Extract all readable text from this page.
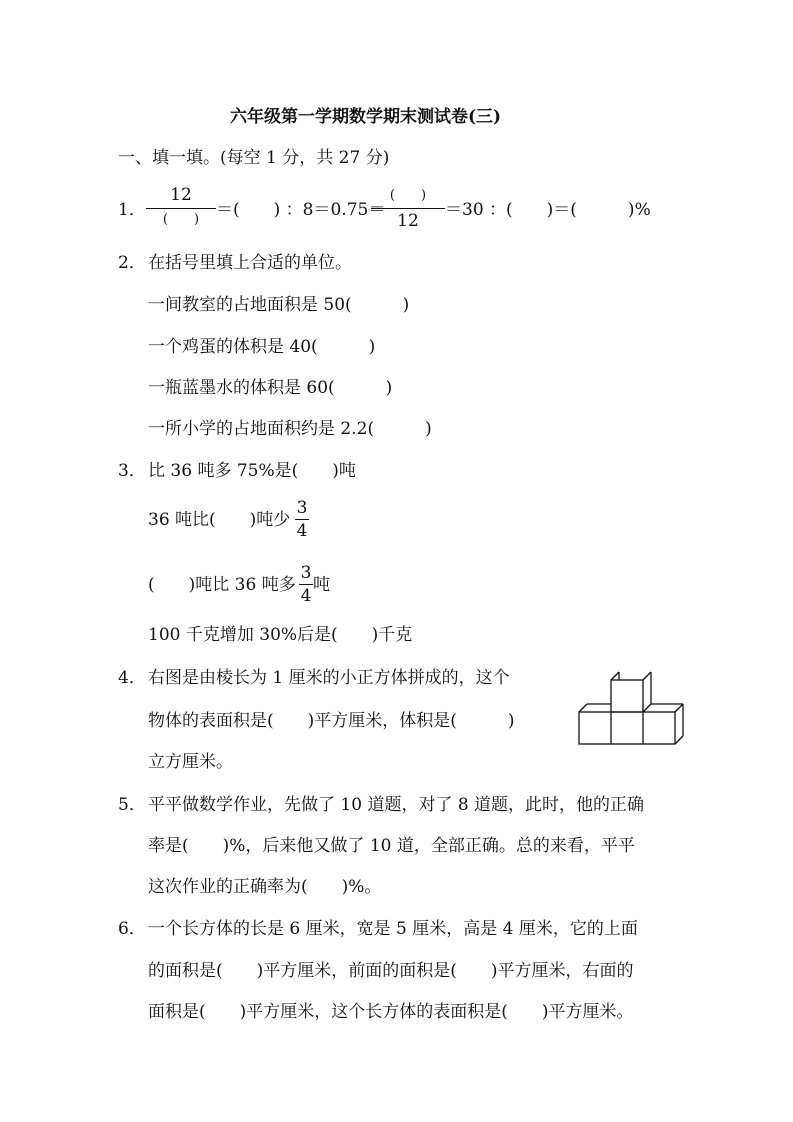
六年级第一学期数学期末测试卷(三)
一、填一填。(每空 1 分，共 27 分)
1．
12
(　　) ＝(　　) ：8＝0.75＝
(　　)
12
＝30 ：(　　)＝(　　　)%
2． 在括号里填上合适的单位。
一间教室的占地面积是 50(　　　)
一个鸡蛋的体积是 40(　　　)
一瓶蓝墨水的体积是 60(　　　)
一所小学的占地面积约是 2.2(　　　)
3． 比 36 吨多 75%是(　　)吨
36 吨比(　　)吨少
3
4
(　　)吨比 36 吨多
3
4
吨
100 千克增加 30%后是(　　)千克
4． 右图是由棱长为 1 厘米的小正方体拼成的，这个
物体的表面积是(　　)平方厘米，体积是(　　　)
立方厘米。
5． 平平做数学作业，先做了 10 道题，对了 8 道题，此时，他的正确
率是(　　)%，后来他又做了 10 道，全部正确。总的来看，平平
这次作业的正确率为(　　)%。
6． 一个长方体的长是 6 厘米，宽是 5 厘米，高是 4 厘米，它的上面
的面积是(　　)平方厘米，前面的面积是(　　)平方厘米，右面的
面积是(　　)平方厘米，这个长方体的表面积是(　　)平方厘米。
